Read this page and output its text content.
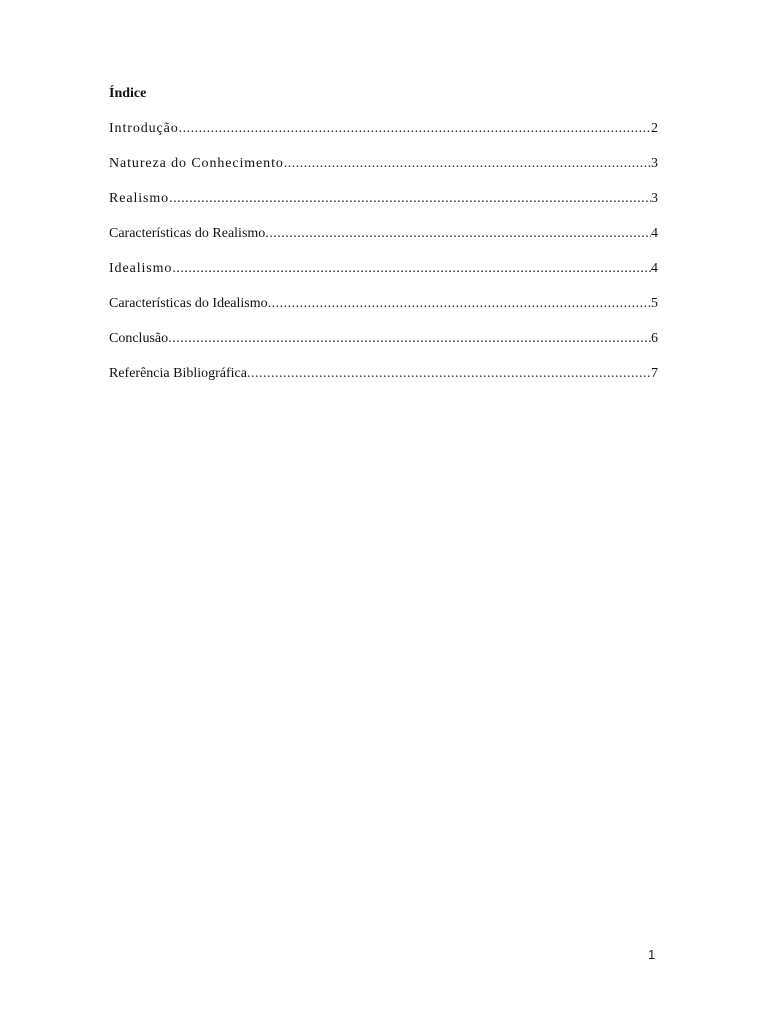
Índice
Introdução .....	2
Natureza do Conhecimento .....	3
Realismo .....	3
Características do Realismo .....	4
Idealismo .....	4
Características do Idealismo .....	5
Conclusão .....	6
Referência Bibliográfica .....	7
1
